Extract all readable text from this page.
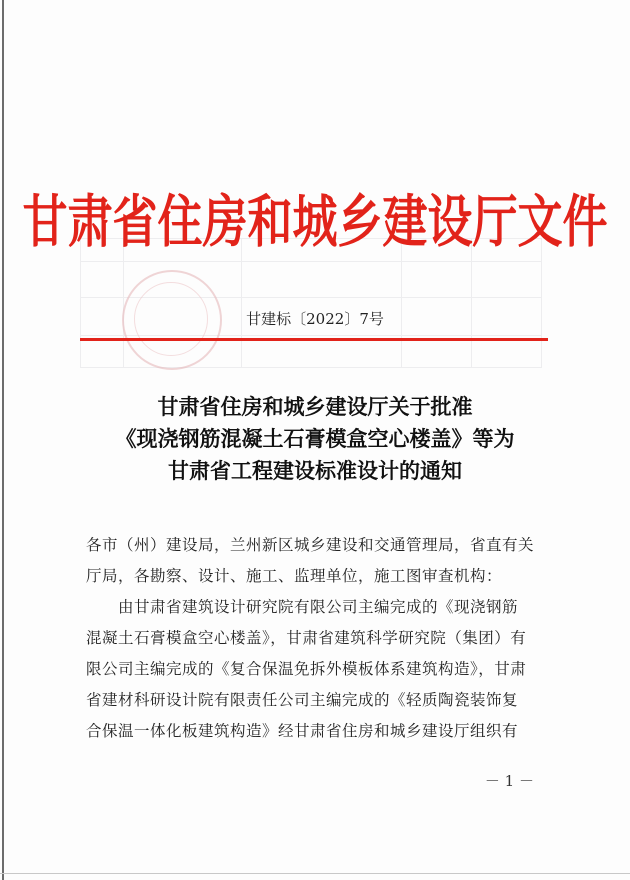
甘肃省住房和城乡建设厅文件
甘建标〔2022〕7号
甘肃省住房和城乡建设厅关于批准
《现浇钢筋混凝土石膏模盒空心楼盖》等为
甘肃省工程建设标准设计的通知

各市（州）建设局，兰州新区城乡建设和交通管理局，省直有关

厅局，各勘察、设计、施工、监理单位，施工图审查机构：

　　由甘肃省建筑设计研究院有限公司主编完成的《现浇钢筋

混凝土石膏模盒空心楼盖》，甘肃省建筑科学研究院（集团）有

限公司主编完成的《复合保温免拆外模板体系建筑构造》，甘肃

省建材科研设计院有限责任公司主编完成的《轻质陶瓷装饰复

合保温一体化板建筑构造》经甘肃省住房和城乡建设厅组织有

－ 1 －
